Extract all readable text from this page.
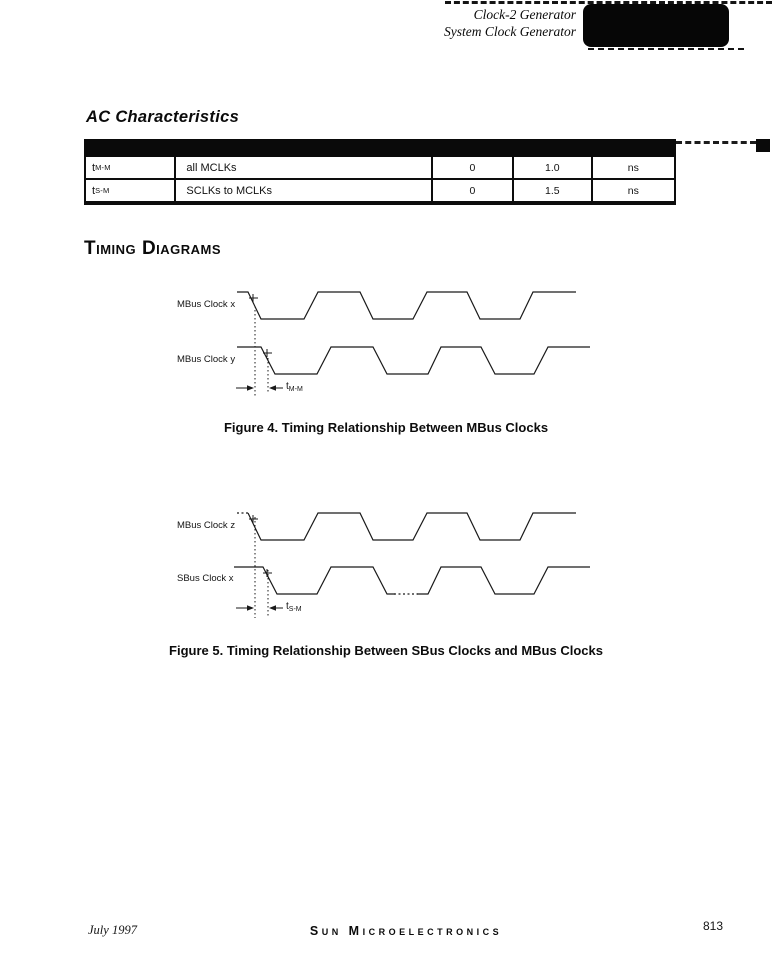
Clock-2 Generator
System Clock Generator
AC Characteristics
t M-M	all MCLKs	0	1.0	ns
t S-M	SCLKs to MCLKs	0	1.5	ns
Timing Diagrams
MBus Clock x
MBus Clock y
$t_{M-M}$
Figure 4. Timing Relationship Between MBus Clocks
MBus Clock z
SBus Clock x
$t_{S-M}$
Figure 5. Timing Relationship Between SBus Clocks and MBus Clocks
July 1997	Sun Microelectronics	813
